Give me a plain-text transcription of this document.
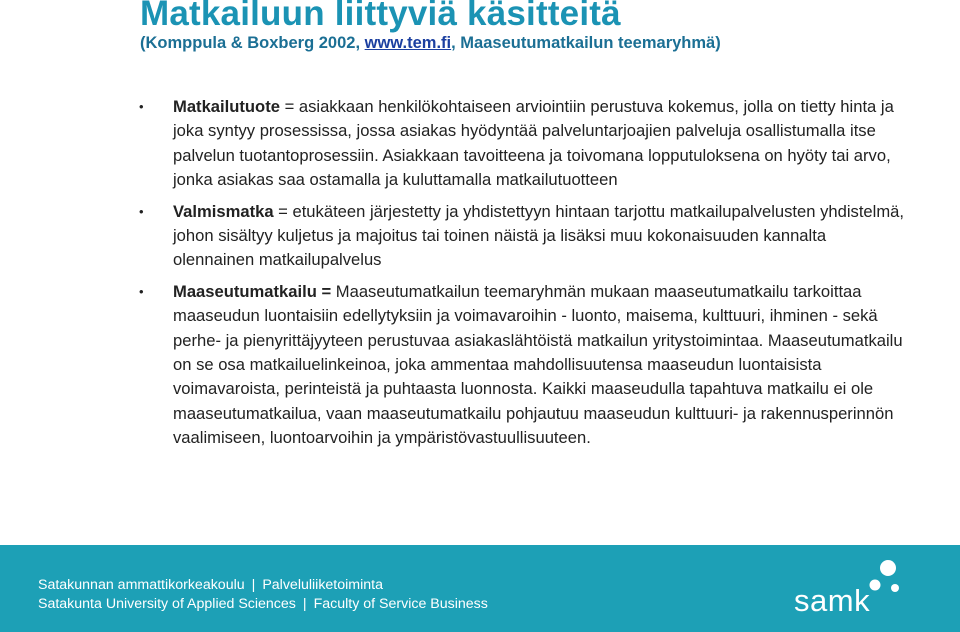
Matkailuun liittyviä käsitteitä
(Komppula & Boxberg 2002, www.tem.fi, Maaseutumatkailun teemaryhmä)
• Matkailutuote = asiakkaan henkilökohtaiseen arviointiin perustuva kokemus, jolla on tietty hinta ja joka syntyy prosessissa, jossa asiakas hyödyntää palveluntarjoajien palveluja osallistumalla itse palvelun tuotantoprosessiin. Asiakkaan tavoitteena ja toivomana lopputuloksena on hyöty tai arvo, jonka asiakas saa ostamalla ja kuluttamalla matkailutuotteen
• Valmismatka = etukäteen järjestetty ja yhdistettyyn hintaan tarjottu matkailupalvelusten yhdistelmä, johon sisältyy kuljetus ja majoitus tai toinen näistä ja lisäksi muu kokonaisuuden kannalta olennainen matkailupalvelus
• Maaseutumatkailu = Maaseutumatkailun teemaryhmän mukaan maaseutumatkailu tarkoittaa maaseudun luontaisiin edellytyksiin ja voimavaroihin - luonto, maisema, kulttuuri, ihminen - sekä perhe- ja pienyrittäjyyteen perustuvaa asiakaslähtöistä matkailun yritystoimintaa. Maaseutumatkailu on se osa matkailuelinkeinoa, joka ammentaa mahdollisuutensa maaseudun luontaisista voimavaroista, perinteistä ja puhtaasta luonnosta. Kaikki maaseudulla tapahtuva matkailu ei ole maaseutumatkailua, vaan maaseutumatkailu pohjautuu maaseudun kulttuuri- ja rakennusperinnön vaalimiseen, luontoarvoihin ja ympäristövastuullisuuteen.
Satakunnan ammattikorkeakoulu | Palveluliiketoiminta
Satakunta University of Applied Sciences | Faculty of Service Business	samk
